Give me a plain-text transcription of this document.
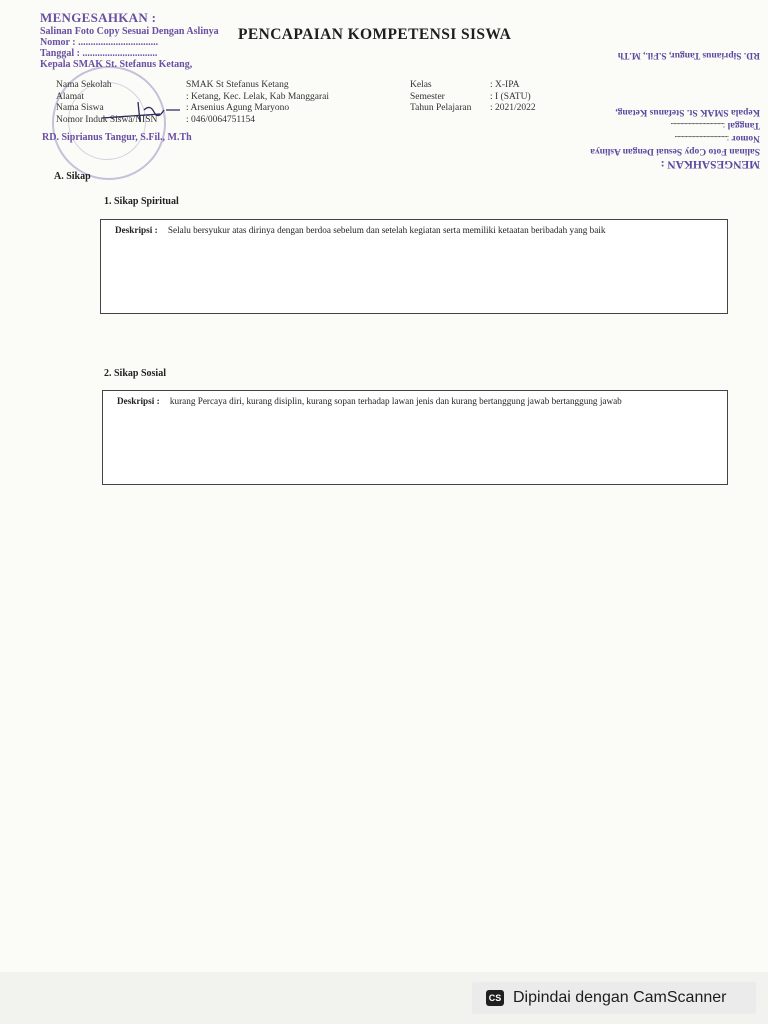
MENGESAHKAN :
Salinan Foto Copy Sesuai Dengan Aslinya
Nomor : ................................
Tanggal : ..............................
Kepala SMAK St. Stefanus Ketang,
RD. Siprianus Tangur, S.Fil., M.Th
PENCAPAIAN KOMPETENSI SISWA
MENGESAHKAN :
Salinan Foto Copy Sesuai Dengan Aslinya
Nomor :......................................
Tanggal :......................................
Kepala SMAK St. Stefanus Ketang,
RD. Siprianus Tangur, S.Fil., M.Th
Nama Sekolah
Alamat
Nama Siswa
Nomor Induk Siswa/NISN
SMAK St Stefanus Ketang
: Ketang, Kec. Lelak, Kab Manggarai
: Arsenius Agung Maryono
: 046/0064751154
Kelas
Semester
Tahun Pelajaran
: X-IPA
: I (SATU)
: 2021/2022
A. Sikap
1. Sikap Spiritual
Deskripsi : Selalu bersyukur atas dirinya dengan berdoa sebelum dan setelah kegiatan serta memiliki ketaatan beribadah yang baik
2. Sikap Sosial
Deskripsi : kurang Percaya diri, kurang disiplin, kurang sopan terhadap lawan jenis dan kurang bertanggung jawab bertanggung jawab
CS Dipindai dengan CamScanner
